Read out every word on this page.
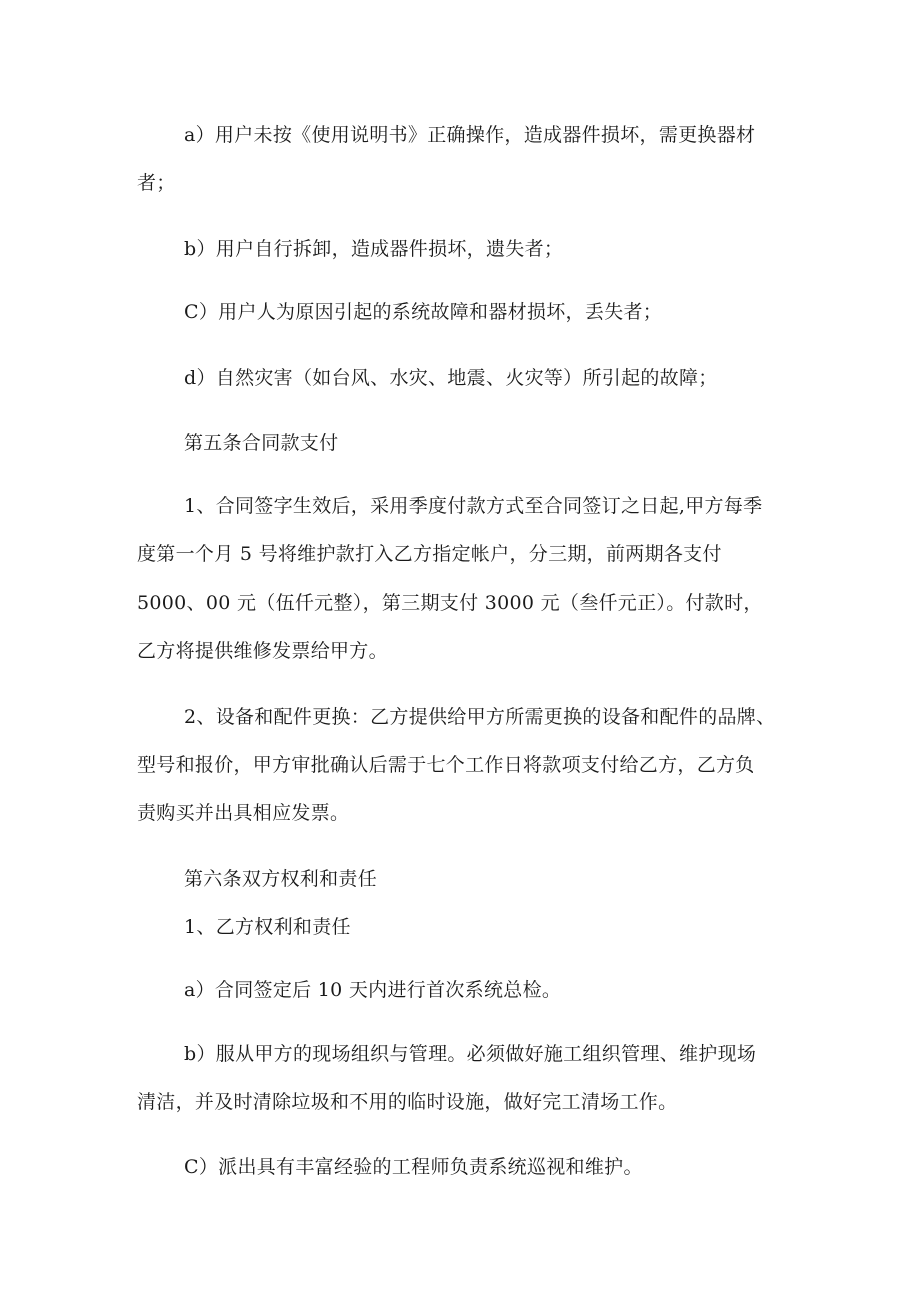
a）用户未按《使用说明书》正确操作，造成器件损坏，需更换器材
者；
b）用户自行拆卸，造成器件损坏，遗失者；
C）用户人为原因引起的系统故障和器材损坏，丢失者；
d）自然灾害（如台风、水灾、地震、火灾等）所引起的故障；
第五条合同款支付
1、合同签字生效后，采用季度付款方式至合同签订之日起,甲方每季
度第一个月 5 号将维护款打入乙方指定帐户，分三期，前两期各支付
5000、00 元（伍仟元整），第三期支付 3000 元（叁仟元正）。付款时，
乙方将提供维修发票给甲方。
2、设备和配件更换：乙方提供给甲方所需更换的设备和配件的品牌、
型号和报价，甲方审批确认后需于七个工作日将款项支付给乙方，乙方负
责购买并出具相应发票。
第六条双方权利和责任
1、乙方权利和责任
a）合同签定后 10 天内进行首次系统总检。
b）服从甲方的现场组织与管理。必须做好施工组织管理、维护现场
清洁，并及时清除垃圾和不用的临时设施，做好完工清场工作。
C）派出具有丰富经验的工程师负责系统巡视和维护。
